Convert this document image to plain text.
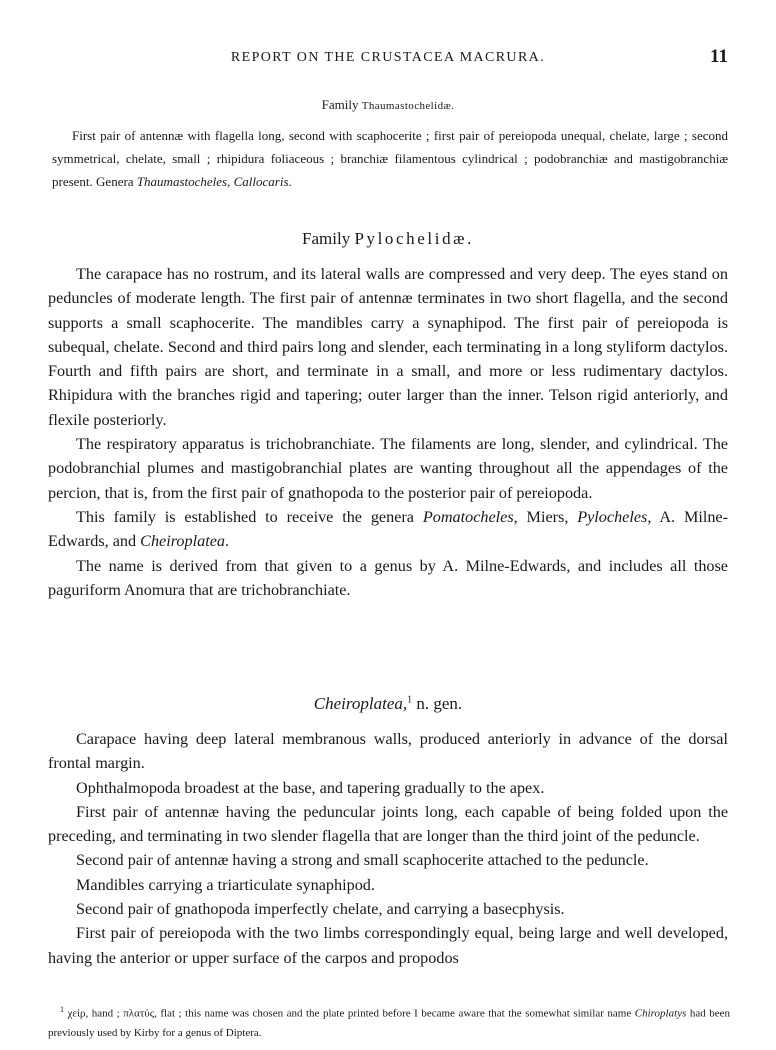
REPORT ON THE CRUSTACEA MACRURA.	11
Family Thaumastochelidæ.
First pair of antennæ with flagella long, second with scaphocerite ; first pair of pereiopoda unequal, chelate, large ; second symmetrical, chelate, small ; rhipidura foliaceous ; branchiæ filamentous cylindrical ; podobranchiæ and mastigobranchiæ present. Genera Thaumastocheles, Callocaris.
Family Pylochelidæ.

The carapace has no rostrum, and its lateral walls are compressed and very deep. The eyes stand on peduncles of moderate length. The first pair of antennæ terminates in two short flagella, and the second supports a small scaphocerite. The mandibles carry a synaphipod. The first pair of pereiopoda is subequal, chelate. Second and third pairs long and slender, each terminating in a long styliform dactylos. Fourth and fifth pairs are short, and terminate in a small, and more or less rudimentary dactylos. Rhipidura with the branches rigid and tapering; outer larger than the inner. Telson rigid anteriorly, and flexile posteriorly.

The respiratory apparatus is trichobranchiate. The filaments are long, slender, and cylindrical. The podobranchial plumes and mastigobranchial plates are wanting throughout all the appendages of the percion, that is, from the first pair of gnathopoda to the posterior pair of pereiopoda.

This family is established to receive the genera Pomatocheles, Miers, Pylocheles, A. Milne-Edwards, and Cheiroplatea.

The name is derived from that given to a genus by A. Milne-Edwards, and includes all those paguriform Anomura that are trichobranchiate.

Cheiroplatea,$^1$ n. gen.

Carapace having deep lateral membranous walls, produced anteriorly in advance of the dorsal frontal margin.

Ophthalmopoda broadest at the base, and tapering gradually to the apex.

First pair of antennæ having the peduncular joints long, each capable of being folded upon the preceding, and terminating in two slender flagella that are longer than the third joint of the peduncle.

Second pair of antennæ having a strong and small scaphocerite attached to the peduncle.

Mandibles carrying a triarticulate synaphipod.

Second pair of gnathopoda imperfectly chelate, and carrying a basecphysis.

First pair of pereiopoda with the two limbs correspondingly equal, being large and well developed, having the anterior or upper surface of the carpos and propodos

$^1$ χείρ, hand ; πλατύς, flat ; this name was chosen and the plate printed before I became aware that the somewhat similar name Chiroplatys had been previously used by Kirby for a genus of Diptera.
